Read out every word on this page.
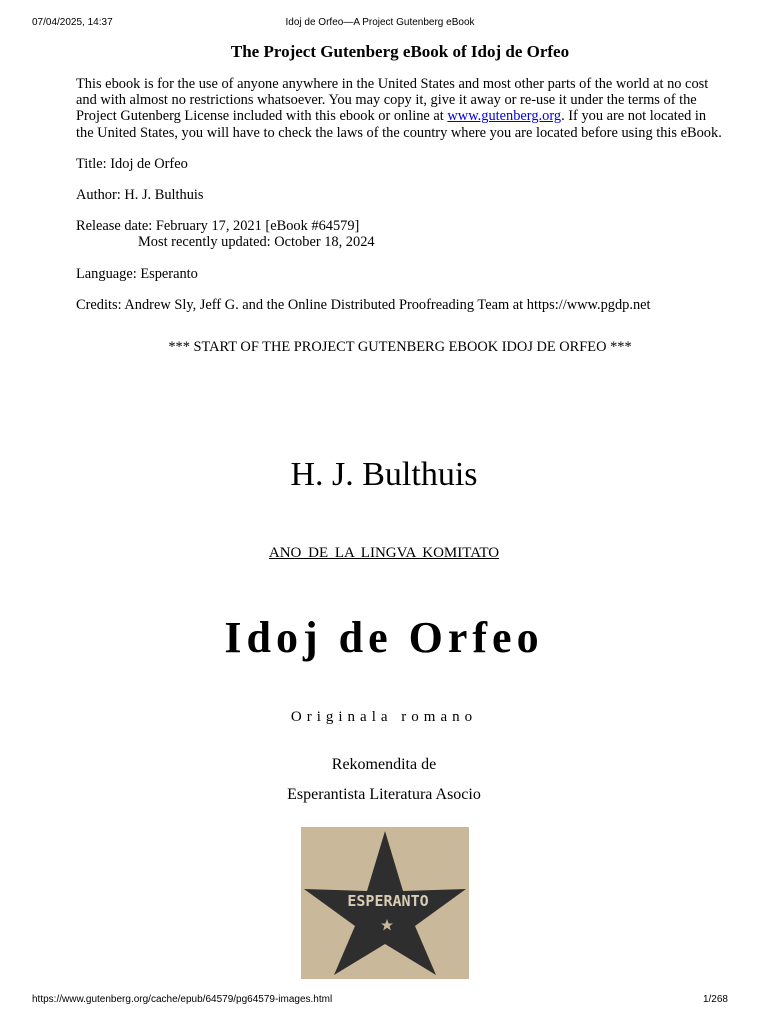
07/04/2025, 14:37	Idoj de Orfeo—A Project Gutenberg eBook
The Project Gutenberg eBook of Idoj de Orfeo

This ebook is for the use of anyone anywhere in the United States and most other parts of the world at no cost and with almost no restrictions whatsoever. You may copy it, give it away or re-use it under the terms of the Project Gutenberg License included with this ebook or online at www.gutenberg.org. If you are not located in the United States, you will have to check the laws of the country where you are located before using this eBook.

Title: Idoj de Orfeo

Author: H. J. Bulthuis

Release date: February 17, 2021 [eBook #64579]

Most recently updated: October 18, 2024

Language: Esperanto

Credits: Andrew Sly, Jeff G. and the Online Distributed Proofreading Team at https://www.pgdp.net

*** START OF THE PROJECT GUTENBERG EBOOK IDOJ DE ORFEO ***

H. J. Bulthuis
ANO DE LA LINGVA KOMITATO
Idoj de Orfeo
Originala romano
Rekomendita de
Esperantista Literatura Asocio
ESPERANTO
https://www.gutenberg.org/cache/epub/64579/pg64579-images.html	1/268
